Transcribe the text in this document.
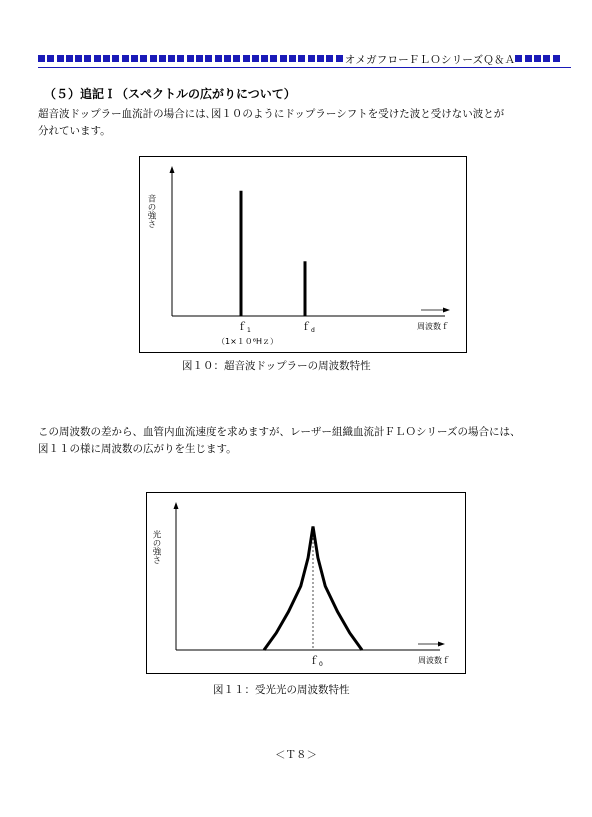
オメガフローＦＬＯシリーズＱ＆Ａ
（５）追記Ｉ（スペクトルの広がりについて）
超音波ドップラー血流計の場合には､図１０のようにドップラーシフトを受けた波と受けない波とが
分れています。
音の強さ
ｆ$_1$	ｆ$_d$
（1×１０⁶Hｚ）
周波数ｆ
図１０：超音波ドップラーの周波数特性
この周波数の差から、血管内血流速度を求めますが、レーザー組織血流計ＦＬＯシリーズの場合には、
図１１の様に周波数の広がりを生じます。
光の強さ
ｆ$_0$	周波数ｆ
図１１：受光光の周波数特性
＜Ｔ８＞
